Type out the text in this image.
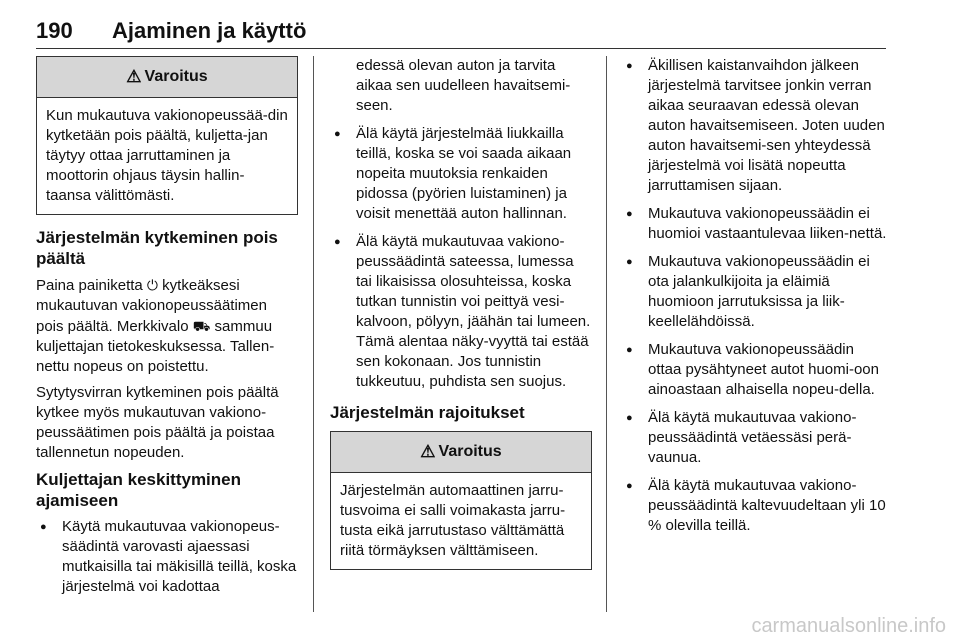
190 Ajaminen ja käyttö
⚠ Varoitus
Kun mukautuva vakionopeussää-din kytketään pois päältä, kuljetta-jan täytyy ottaa jarruttaminen ja moottorin ohjaus täysin hallin-taansa välittömästi.
Järjestelmän kytkeminen pois päältä

Paina painiketta ⏻ kytkeäksesi mukautuvan vakionopeussäätimen pois päältä. Merkkivalo ⛟ sammuu kuljettajan tietokeskuksessa. Tallen-nettu nopeus on poistettu.

Sytytysvirran kytkeminen pois päältä kytkee myös mukautuvan vakiono-peussäätimen pois päältä ja poistaa tallennetun nopeuden.

Kuljettajan keskittyminen ajamiseen
● Käytä mukautuvaa vakionopeus-säädintä varovasti ajaessasi mutkaisilla tai mäkisillä teillä, koska järjestelmä voi kadottaa

edessä olevan auton ja tarvita aikaa sen uudelleen havaitsemi-seen.

● Älä käytä järjestelmää liukkailla teillä, koska se voi saada aikaan nopeita muutoksia renkaiden pidossa (pyörien luistaminen) ja voisit menettää auton hallinnan.
● Älä käytä mukautuvaa vakiono-peussäädintä sateessa, lumessa tai likaisissa olosuhteissa, koska tutkan tunnistin voi peittyä vesi-kalvoon, pölyyn, jäähän tai lumeen. Tämä alentaa näky-vyyttä tai estää sen kokonaan. Jos tunnistin tukkeutuu, puhdista sen suojus.
Järjestelmän rajoitukset
⚠ Varoitus
Järjestelmän automaattinen jarru-tusvoima ei salli voimakasta jarru-tusta eikä jarrutustaso välttämättä riitä törmäyksen välttämiseen.
● Äkillisen kaistanvaihdon jälkeen järjestelmä tarvitsee jonkin verran aikaa seuraavan edessä olevan auton havaitsemiseen. Joten uuden auton havaitsemi-sen yhteydessä järjestelmä voi lisätä nopeutta jarruttamisen sijaan.
● Mukautuva vakionopeussäädin ei huomioi vastaantulevaa liiken-nettä.
● Mukautuva vakionopeussäädin ei ota jalankulkijoita ja eläimiä huomioon jarrutuksissa ja liik-keellelähdöissä.
● Mukautuva vakionopeussäädin ottaa pysähtyneet autot huomi-oon ainoastaan alhaisella nopeu-della.
● Älä käytä mukautuvaa vakiono-peussäädintä vetäessäsi perä-vaunua.
● Älä käytä mukautuvaa vakiono-peussäädintä kaltevuudeltaan yli 10 % olevilla teillä.
carmanualsonline.info
